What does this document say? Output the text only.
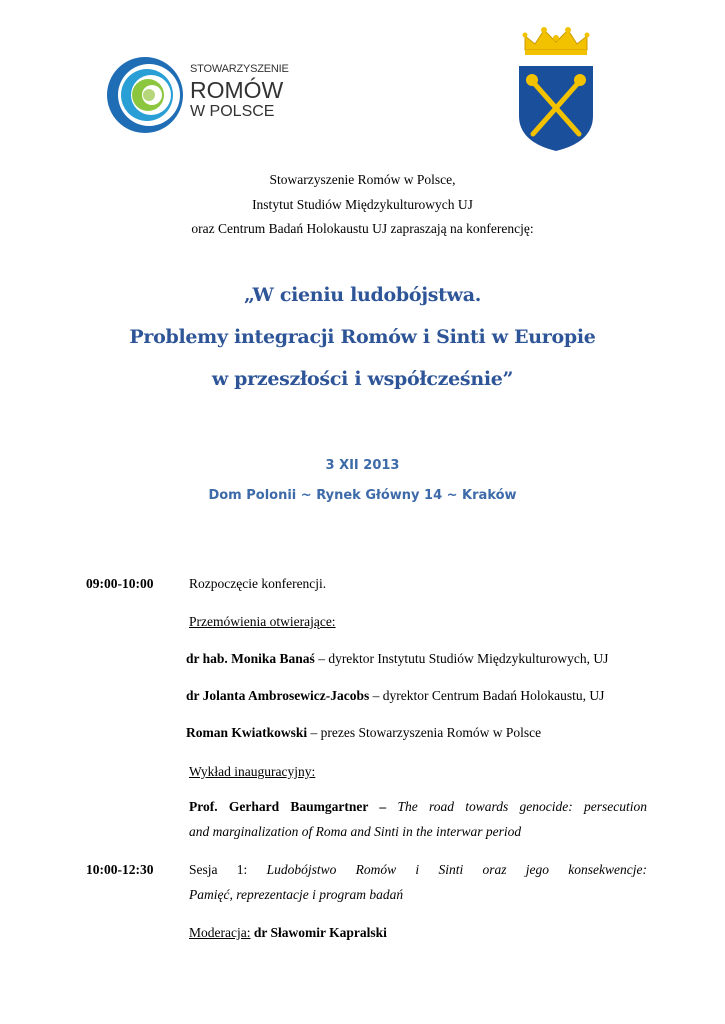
STOWARZYSZENIE
ROMÓW
W POLSCE
Stowarzyszenie Romów w Polsce,
Instytut Studiów Międzykulturowych UJ
oraz Centrum Badań Holokaustu UJ zapraszają na konferencję:
„W cieniu ludobójstwa.
Problemy integracji Romów i Sinti w Europie
w przeszłości i współcześnie”
3 XII 2013
Dom Polonii ~ Rynek Główny 14 ~ Kraków
09:00-10:00	Rozpoczęcie konferencji.
Przemówienia otwierające:
dr hab. Monika Banaś – dyrektor Instytutu Studiów Międzykulturowych, UJ
dr Jolanta Ambrosewicz-Jacobs – dyrektor Centrum Badań Holokaustu, UJ
Roman Kwiatkowski – prezes Stowarzyszenia Romów w Polsce
Wykład inauguracyjny:
Prof. Gerhard Baumgartner – The road towards genocide: persecution
and marginalization of Roma and Sinti in the interwar period
10:00-12:30	Sesja 1: Ludobójstwo Romów i Sinti oraz jego konsekwencje:
Pamięć, reprezentacje i program badań
Moderacja: dr Sławomir Kapralski
